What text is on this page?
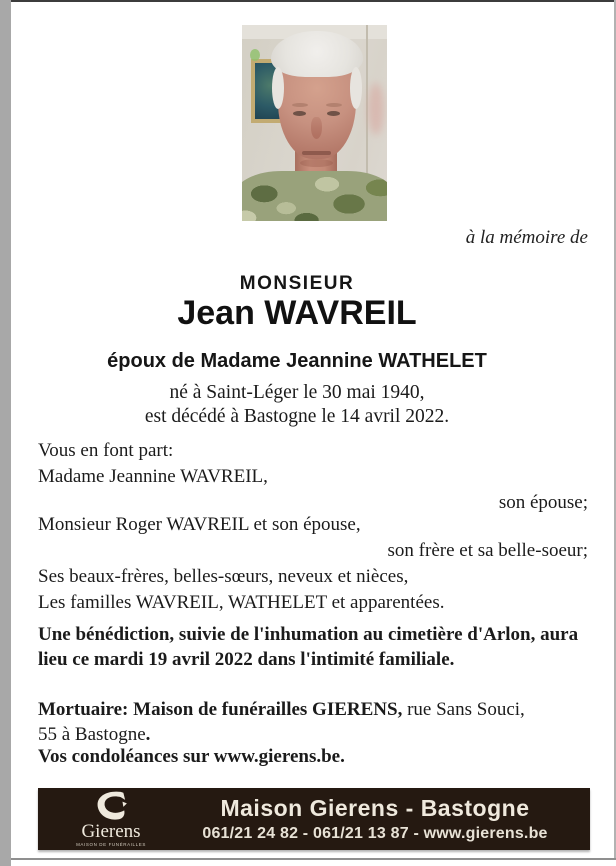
à la mémoire de
MONSIEUR
Jean WAVREIL
époux de Madame Jeannine WATHELET
né à Saint-Léger le 30 mai 1940,
est décédé à Bastogne le 14 avril 2022.
Vous en font part:
Madame Jeannine WAVREIL,
son épouse;
Monsieur Roger WAVREIL et son épouse,
son frère et sa belle-soeur;
Ses beaux-frères, belles-sœurs, neveux et nièces,
Les familles WAVREIL, WATHELET et apparentées.
Une bénédiction, suivie de l'inhumation au cimetière d'Arlon, aura lieu ce mardi 19 avril 2022 dans l'intimité familiale.
Mortuaire: Maison de funérailles GIERENS, rue Sans Souci, 55 à Bastogne.
Vos condoléances sur www.gierens.be.
Gierens
MAISON DE FUNÉRAILLES
Maison Gierens - Bastogne
061/21 24 82 - 061/21 13 87 - www.gierens.be
